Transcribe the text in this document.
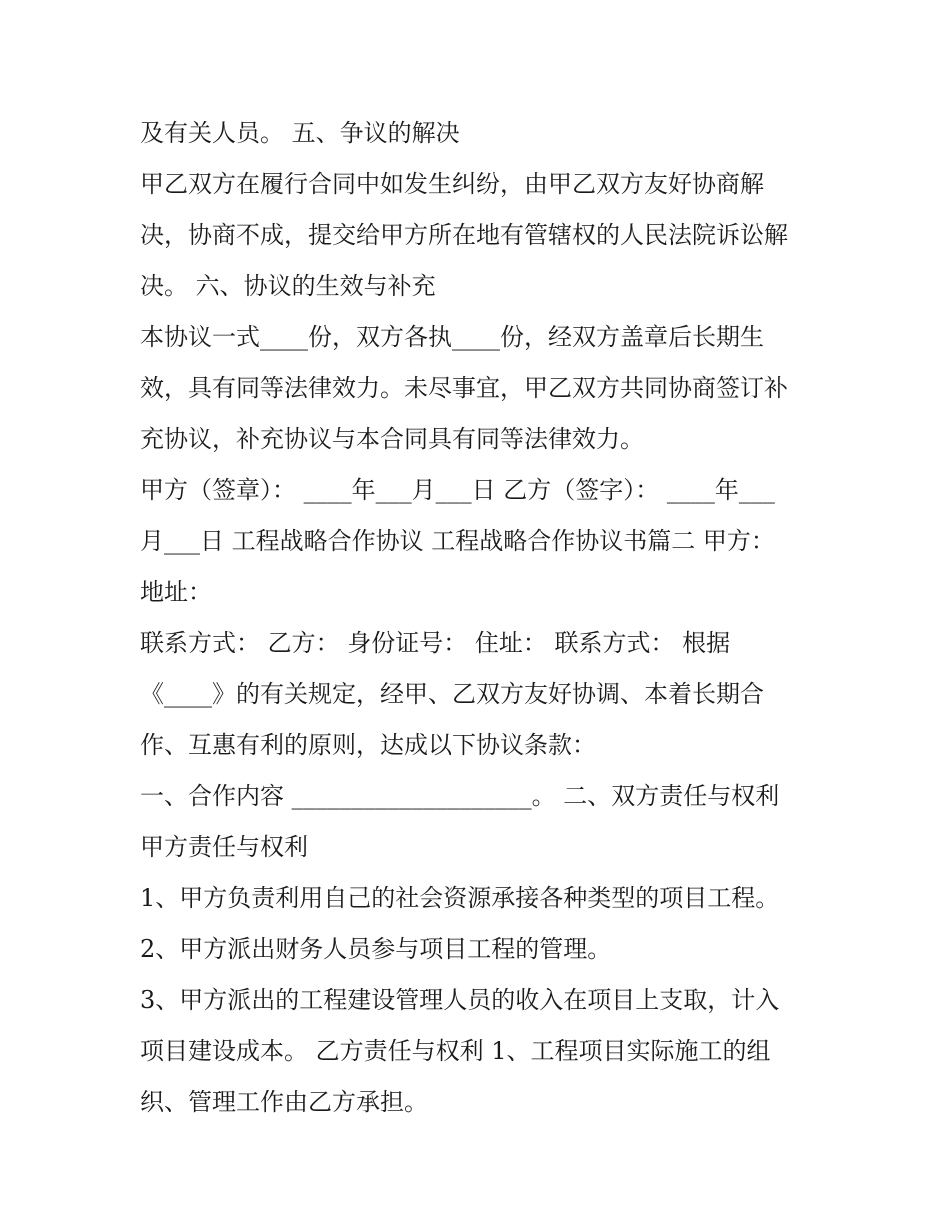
及有关人员。 五、争议的解决
甲乙双方在履行合同中如发生纠纷，由甲乙双方友好协商解
决，协商不成，提交给甲方所在地有管辖权的人民法院诉讼解
决。 六、协议的生效与补充
本协议一式____份，双方各执____份，经双方盖章后长期生
效，具有同等法律效力。未尽事宜，甲乙双方共同协商签订补
充协议，补充协议与本合同具有同等法律效力。
甲方（签章）： ____年___月___日 乙方（签字）： ____年___
月___日 工程战略合作协议 工程战略合作协议书篇二 甲方：
地址：
联系方式： 乙方： 身份证号： 住址： 联系方式： 根据
《____》的有关规定，经甲、乙双方友好协调、本着长期合
作、互惠有利的原则，达成以下协议条款：
一、合作内容 ____________________。 二、双方责任与权利
甲方责任与权利
1、甲方负责利用自己的社会资源承接各种类型的项目工程。
2、甲方派出财务人员参与项目工程的管理。
3、甲方派出的工程建设管理人员的收入在项目上支取，计入
项目建设成本。 乙方责任与权利 1、工程项目实际施工的组
织、管理工作由乙方承担。
